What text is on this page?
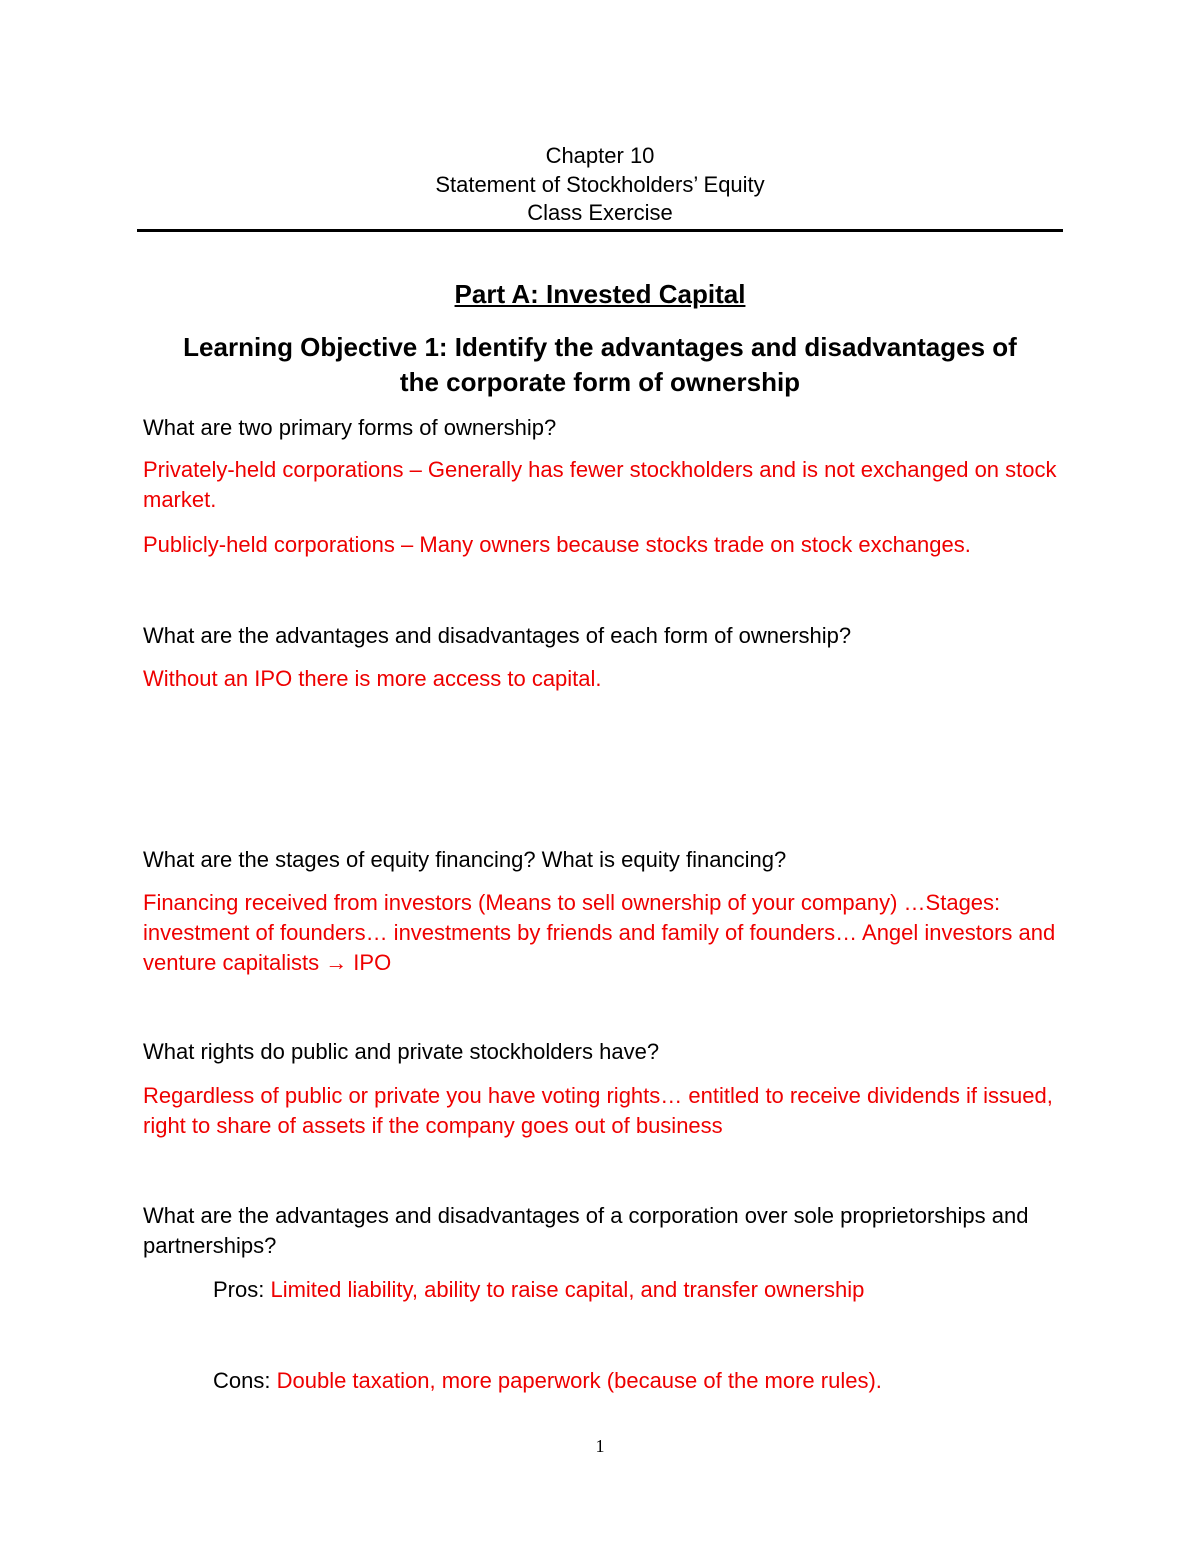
Chapter 10
Statement of Stockholders’ Equity
Class Exercise
Part A: Invested Capital
Learning Objective 1: Identify the advantages and disadvantages of
the corporate form of ownership
What are two primary forms of ownership?
Privately-held corporations – Generally has fewer stockholders and is not exchanged on stock market.
Publicly-held corporations – Many owners because stocks trade on stock exchanges.
What are the advantages and disadvantages of each form of ownership?
Without an IPO there is more access to capital.
What are the stages of equity financing? What is equity financing?
Financing received from investors (Means to sell ownership of your company) …Stages: investment of founders… investments by friends and family of founders… Angel investors and venture capitalists → IPO
What rights do public and private stockholders have?
Regardless of public or private you have voting rights… entitled to receive dividends if issued, right to share of assets if the company goes out of business
What are the advantages and disadvantages of a corporation over sole proprietorships and partnerships?
Pros: Limited liability, ability to raise capital, and transfer ownership
Cons: Double taxation, more paperwork (because of the more rules).
1
